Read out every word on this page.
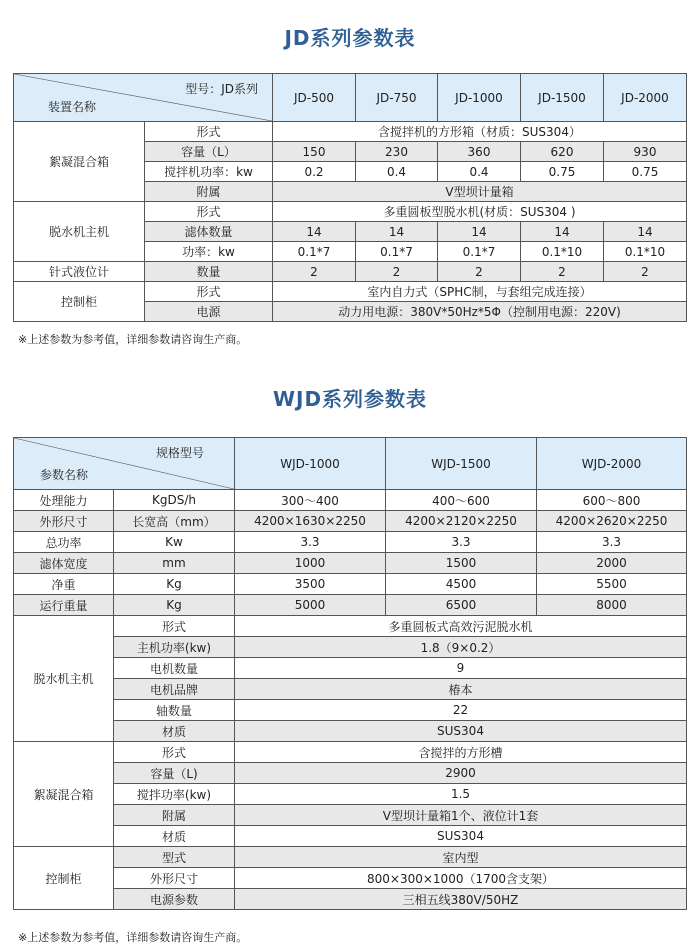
JD系列参数表
型号：JD系列
装置名称		JD-500	JD-750	JD-1000	JD-1500	JD-2000
絮凝混合箱	形式	含搅拌机的方形箱（材质：SUS304）				
	容量（L）	150	230	360	620	930
	搅拌机功率：kw	0.2	0.4	0.4	0.75	0.75
	附属	V型坝计量箱				
脱水机主机	形式	多重圆板型脱水机(材质：SUS304 )				
	滤体数量	14	14	14	14	14
	功率：kw	0.1*7	0.1*7	0.1*7	0.1*10	0.1*10
针式液位计	数量	2	2	2	2	2
控制柜	形式	室内自力式（SPHC制，与套组完成连接）				
	电源	动力用电源：380V*50Hz*5Φ（控制用电源：220V)				
※上述参数为参考值，详细参数请咨询生产商。
WJD系列参数表
规格型号
参数名称		WJD-1000	WJD-1500	WJD-2000
处理能力	KgDS/h	300～400	400～600	600～800
外形尺寸	长宽高（mm）	4200×1630×2250	4200×2120×2250	4200×2620×2250
总功率	Kw	3.3	3.3	3.3
滤体宽度	mm	1000	1500	2000
净重	Kg	3500	4500	5500
运行重量	Kg	5000	6500	8000
脱水机主机	形式	多重圆板式高效污泥脱水机		
	主机功率(kw)	1.8（9×0.2）		
	电机数量	9		
	电机品牌	椿本		
	轴数量	22		
	材质	SUS304		
絮凝混合箱	形式	含搅拌的方形槽		
	容量（L)	2900		
	搅拌功率(kw)	1.5		
	附属	V型坝计量箱1个、液位计1套		
	材质	SUS304		
控制柜	型式	室内型		
	外形尺寸	800×300×1000（1700含支架）		
	电源参数	三相五线380V/50HZ		
※上述参数为参考值，详细参数请咨询生产商。
